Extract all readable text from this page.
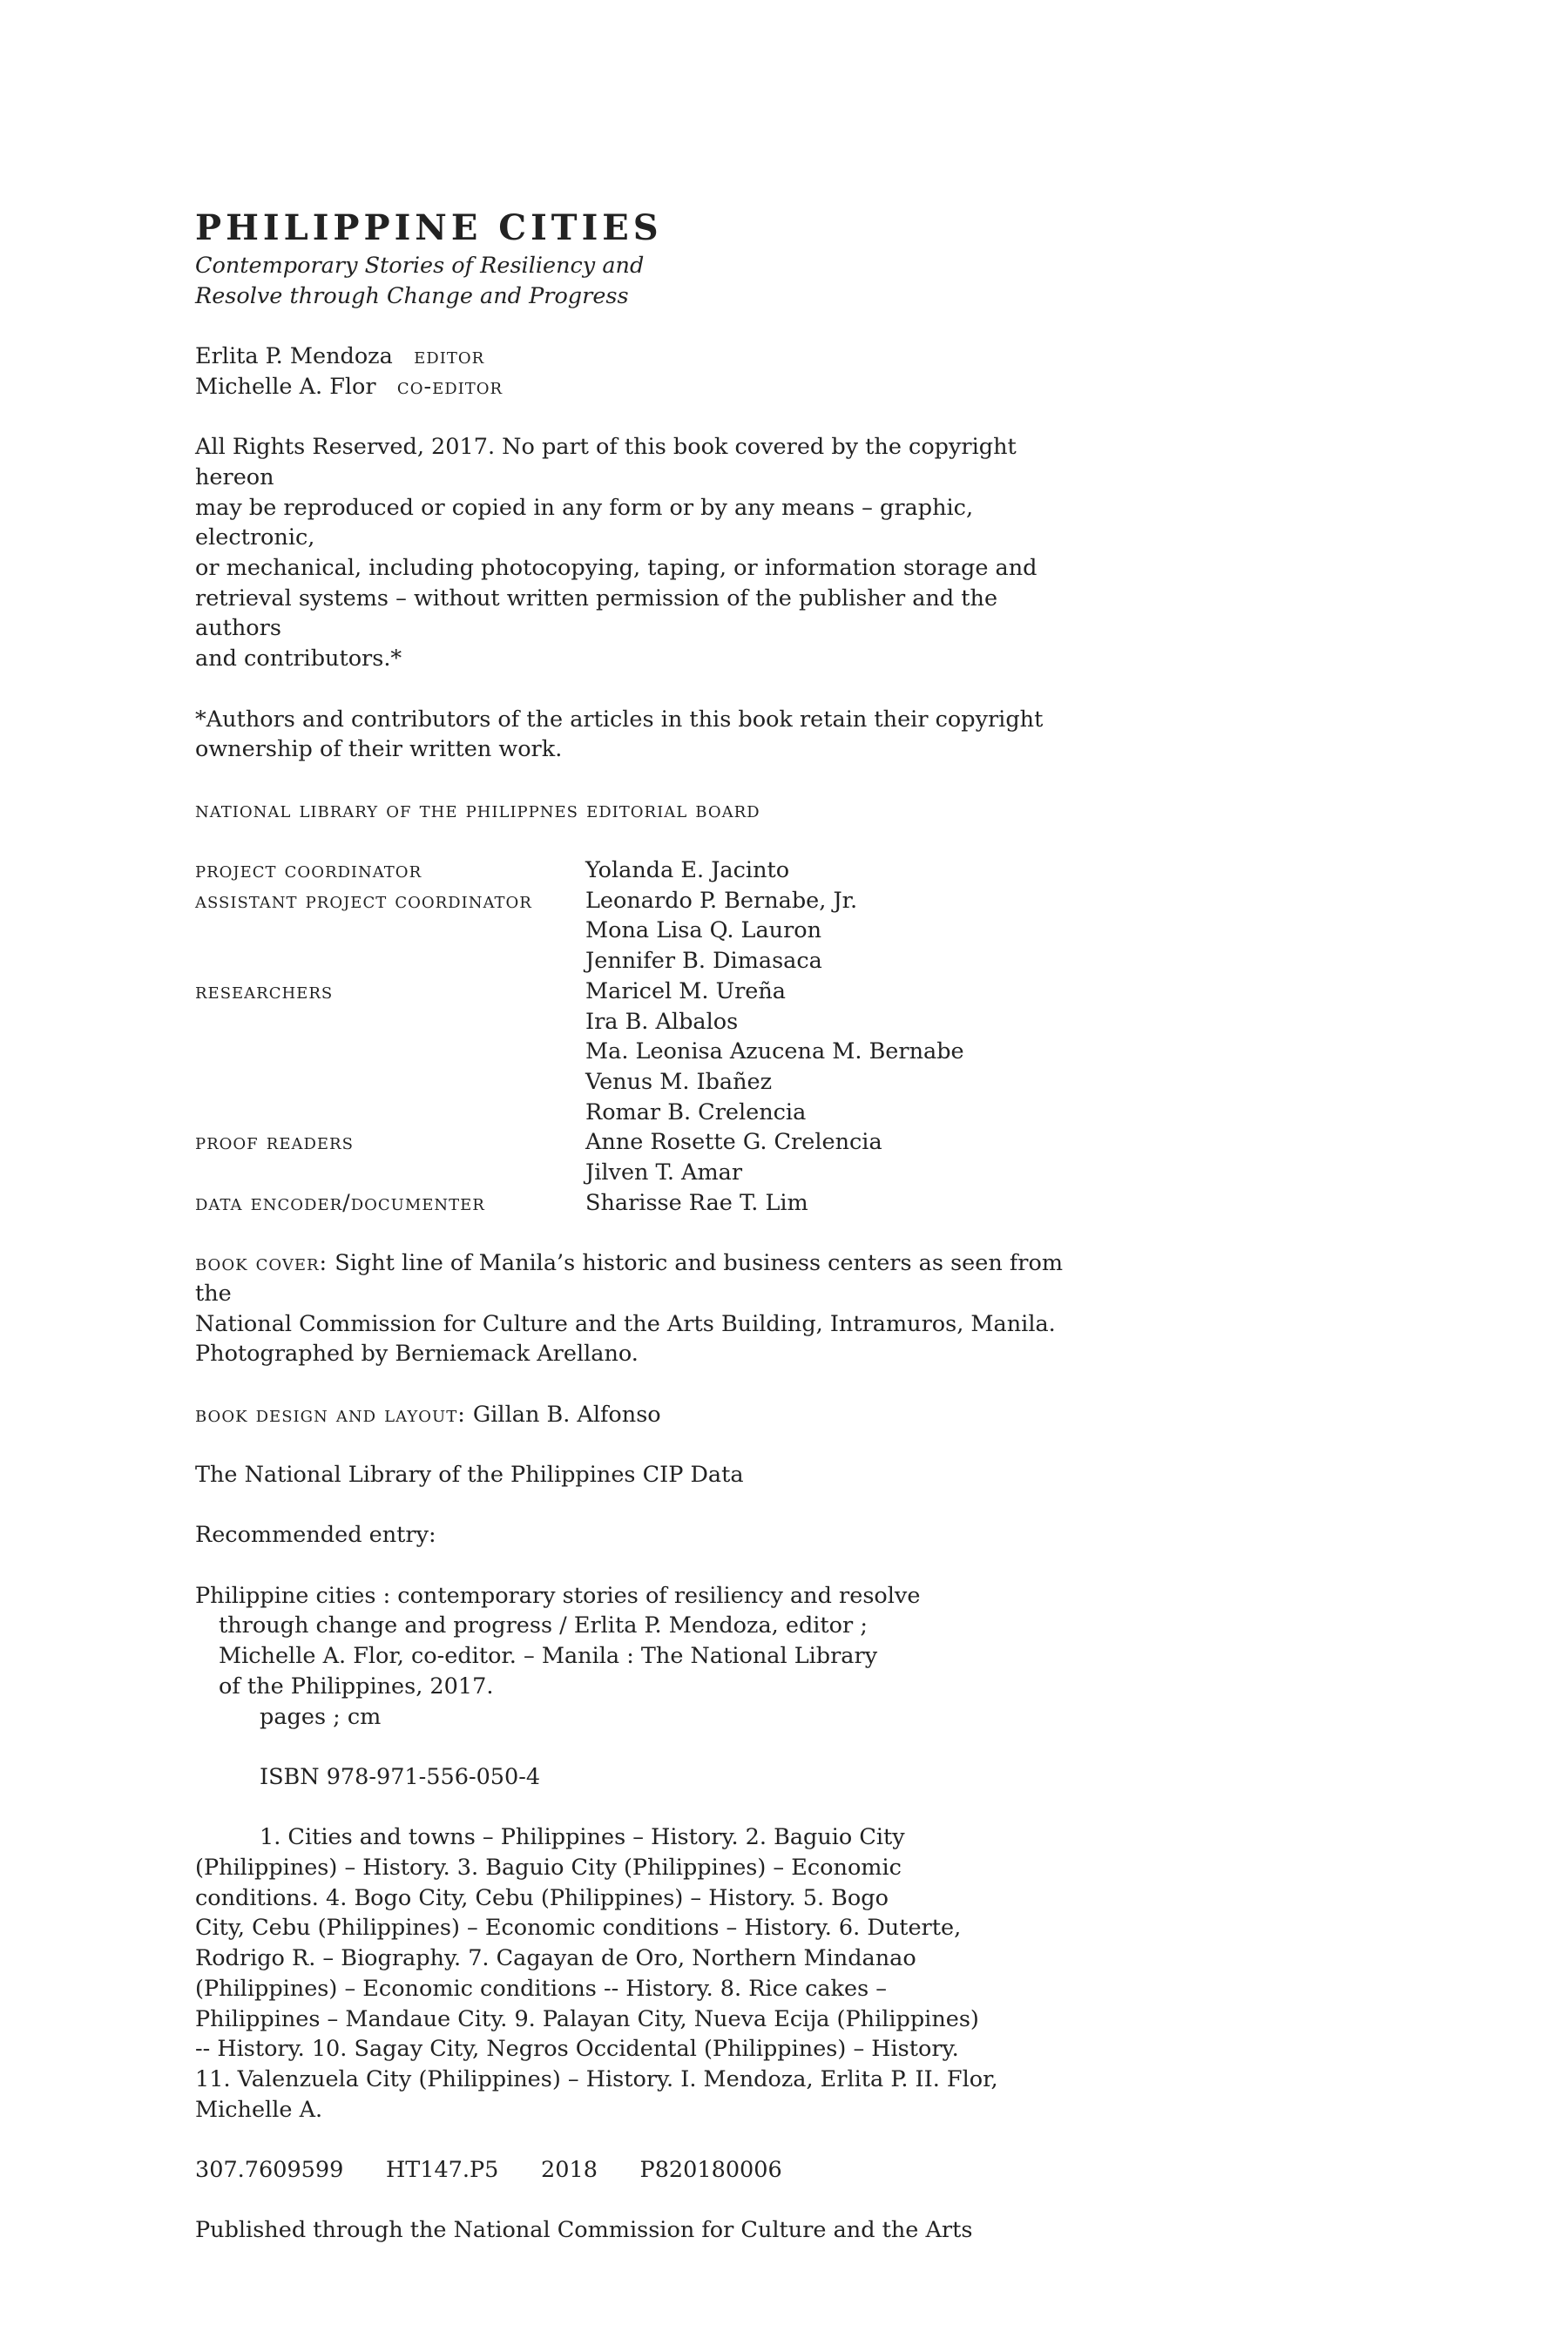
PHILIPPINE CITIES

Contemporary Stories of Resiliency and

Resolve through Change and Progress

Erlita P. Mendoza editor

Michelle A. Flor co-editor

All Rights Reserved, 2017. No part of this book covered by the copyright hereon

may be reproduced or copied in any form or by any means – graphic, electronic,

or mechanical, including photocopying, taping, or information storage and

retrieval systems – without written permission of the publisher and the authors

and contributors.*

*Authors and contributors of the articles in this book retain their copyright

ownership of their written work.

national library of the philippnes editorial board

project coordinator	Yolanda E. Jacinto

assistant project coordinator	Leonardo P. Bernabe, Jr.

Mona Lisa Q. Lauron

Jennifer B. Dimasaca

researchers	Maricel M. Ureña

Ira B. Albalos

Ma. Leonisa Azucena M. Bernabe

Venus M. Ibañez

Romar B. Crelencia

proof readers	Anne Rosette G. Crelencia

Jilven T. Amar

data encoder/documenter	Sharisse Rae T. Lim

book cover: Sight line of Manila’s historic and business centers as seen from the

National Commission for Culture and the Arts Building, Intramuros, Manila.

Photographed by Berniemack Arellano.

book design and layout: Gillan B. Alfonso

The National Library of the Philippines CIP Data

Recommended entry:

Philippine cities : contemporary stories of resiliency and resolve

through change and progress / Erlita P. Mendoza, editor ;

Michelle A. Flor, co-editor. – Manila : The National Library

of the Philippines, 2017.

pages ; cm

ISBN 978-971-556-050-4

1. Cities and towns – Philippines – History. 2. Baguio City

(Philippines) – History. 3. Baguio City (Philippines) – Economic

conditions. 4. Bogo City, Cebu (Philippines) – History. 5. Bogo

City, Cebu (Philippines) – Economic conditions – History. 6. Duterte,

Rodrigo R. – Biography. 7. Cagayan de Oro, Northern Mindanao

(Philippines) – Economic conditions -- History. 8. Rice cakes –

Philippines – Mandaue City. 9. Palayan City, Nueva Ecija (Philippines)

-- History. 10. Sagay City, Negros Occidental (Philippines) – History.

11. Valenzuela City (Philippines) – History. I. Mendoza, Erlita P. II. Flor,

Michelle A.

307.7609599      HT147.P5      2018      P820180006

Published through the National Commission for Culture and the Arts
